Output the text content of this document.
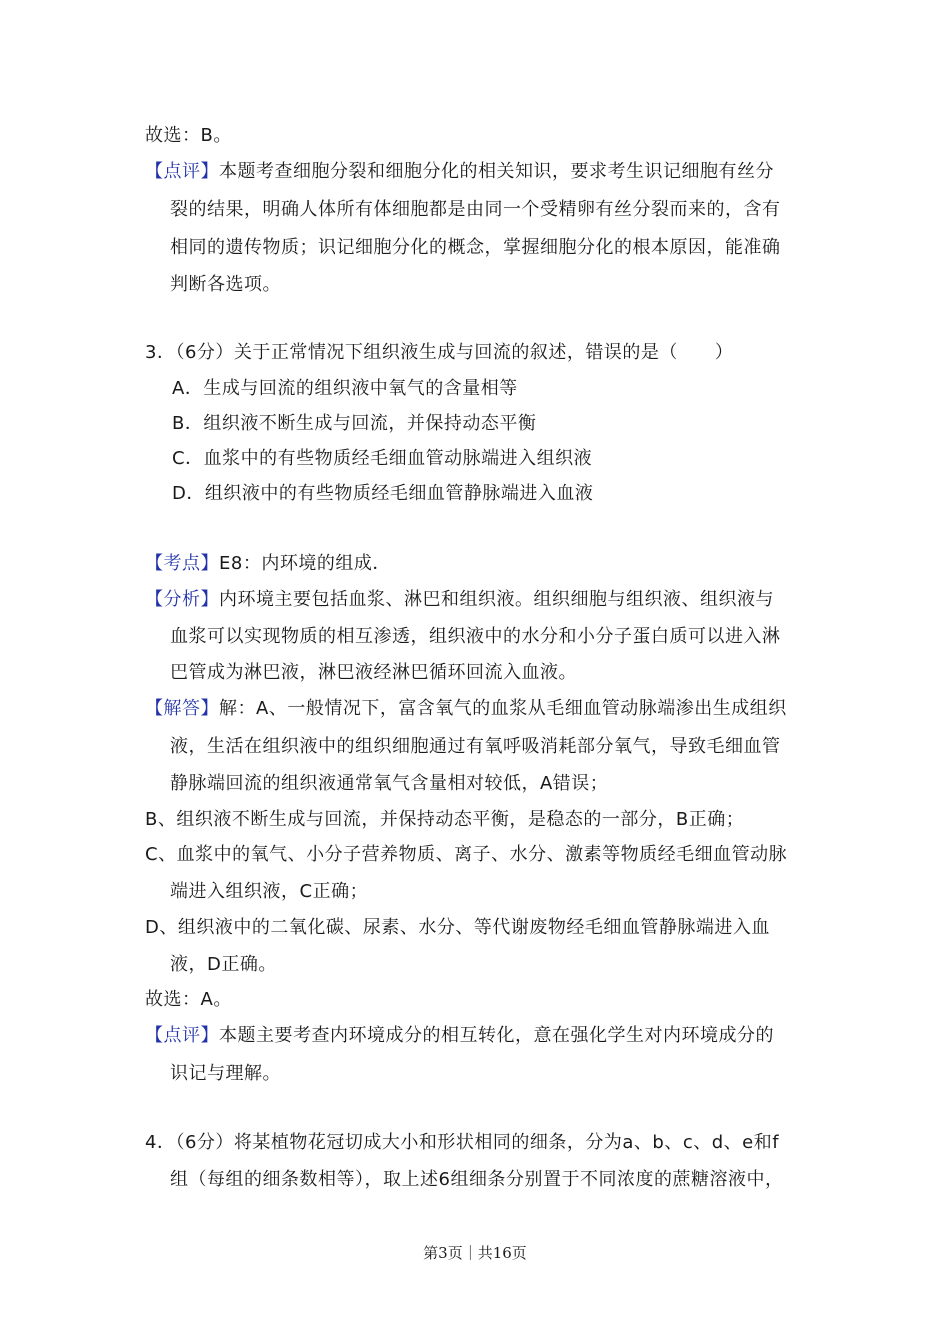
故选：B。
【点评】本题考查细胞分裂和细胞分化的相关知识，要求考生识记细胞有丝分
裂的结果，明确人体所有体细胞都是由同一个受精卵有丝分裂而来的，含有
相同的遗传物质；识记细胞分化的概念，掌握细胞分化的根本原因，能准确
判断各选项。
3．（6分）关于正常情况下组织液生成与回流的叙述，错误的是（　　）
A．生成与回流的组织液中氧气的含量相等
B．组织液不断生成与回流，并保持动态平衡
C．血浆中的有些物质经毛细血管动脉端进入组织液
D．组织液中的有些物质经毛细血管静脉端进入血液
【考点】E8：内环境的组成．
【分析】内环境主要包括血浆、淋巴和组织液。组织细胞与组织液、组织液与
血浆可以实现物质的相互渗透，组织液中的水分和小分子蛋白质可以进入淋
巴管成为淋巴液，淋巴液经淋巴循环回流入血液。
【解答】解：A、一般情况下，富含氧气的血浆从毛细血管动脉端渗出生成组织
液，生活在组织液中的组织细胞通过有氧呼吸消耗部分氧气，导致毛细血管
静脉端回流的组织液通常氧气含量相对较低，A错误；
B、组织液不断生成与回流，并保持动态平衡，是稳态的一部分，B正确；
C、血浆中的氧气、小分子营养物质、离子、水分、激素等物质经毛细血管动脉
端进入组织液，C正确；
D、组织液中的二氧化碳、尿素、水分、等代谢废物经毛细血管静脉端进入血
液，D正确。
故选：A。
【点评】本题主要考查内环境成分的相互转化，意在强化学生对内环境成分的
识记与理解。
4．（6分）将某植物花冠切成大小和形状相同的细条，分为a、b、c、d、e和f
组（每组的细条数相等），取上述6组细条分别置于不同浓度的蔗糖溶液中，
第3页｜共16页
